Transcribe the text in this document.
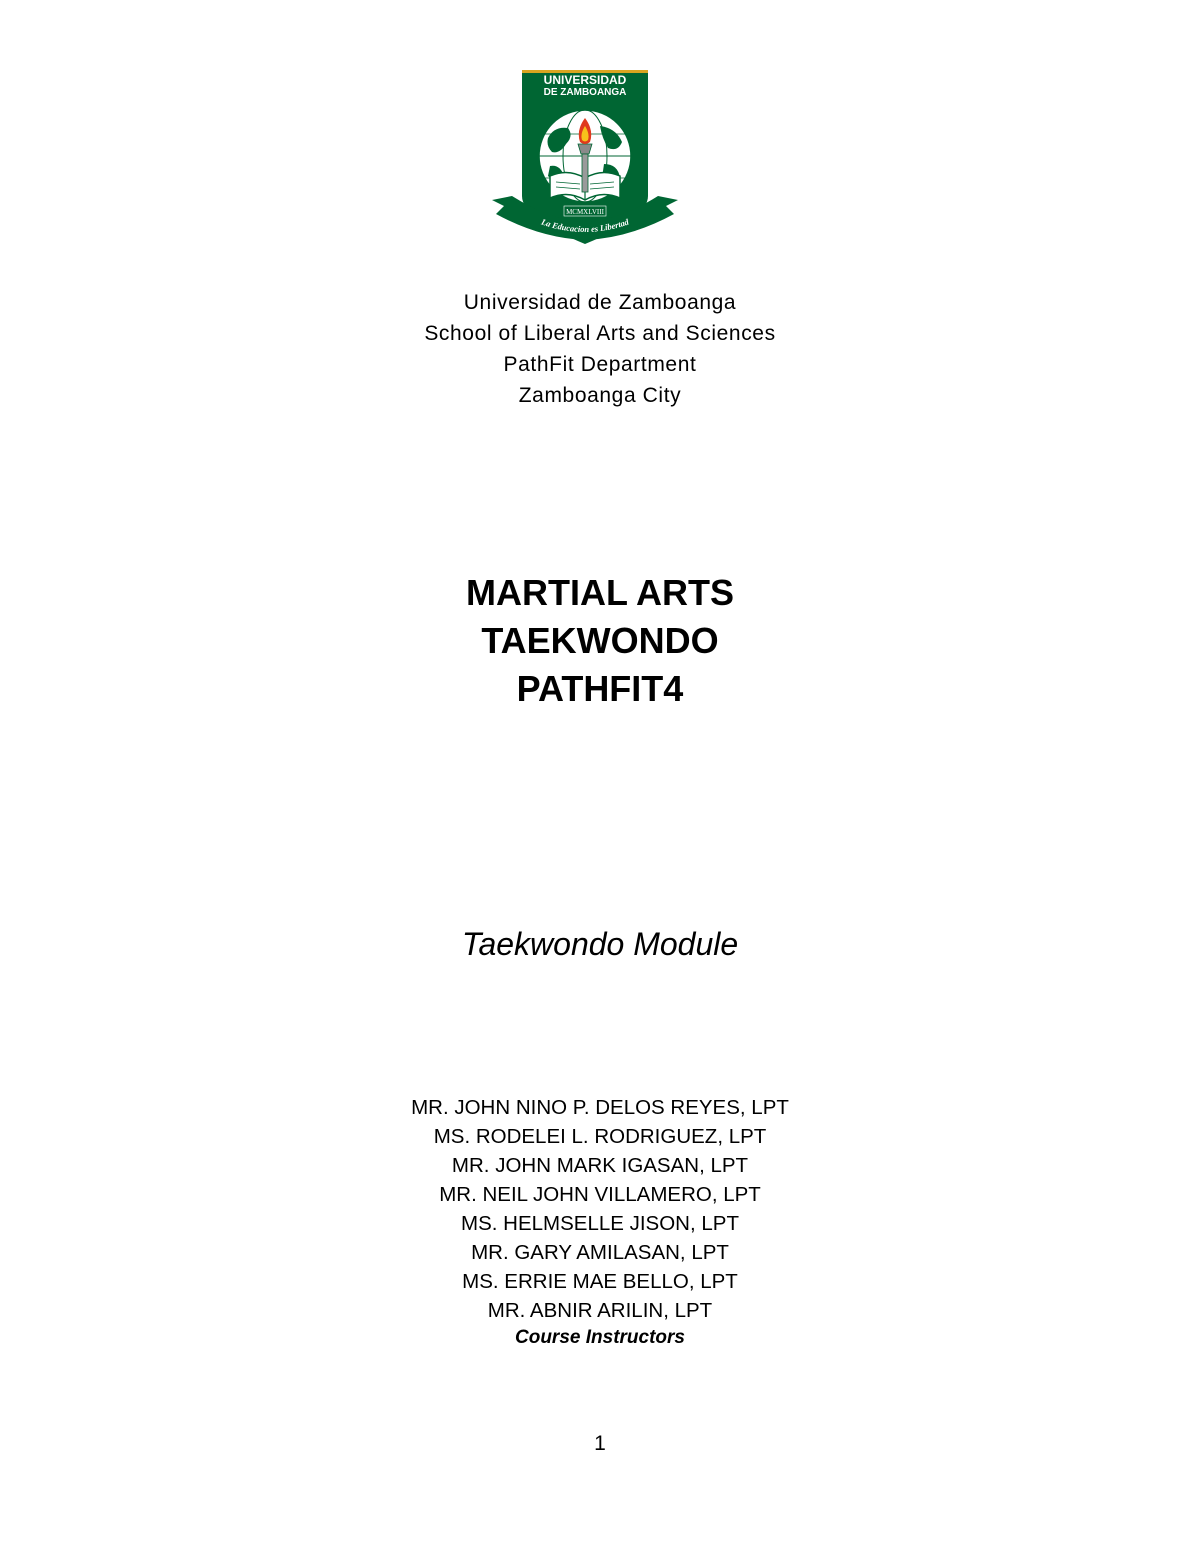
UNIVERSIDAD
DE ZAMBOANGA
La Educacion es Libertad
MCMXLVIII
Universidad de Zamboanga
School of Liberal Arts and Sciences
PathFit Department
Zamboanga City
MARTIAL ARTS
TAEKWONDO
PATHFIT4
Taekwondo Module
MR. JOHN NINO P. DELOS REYES, LPT
MS. RODELEI L. RODRIGUEZ, LPT
MR. JOHN MARK IGASAN, LPT
MR. NEIL JOHN VILLAMERO, LPT
MS. HELMSELLE JISON, LPT
MR. GARY AMILASAN, LPT
MS. ERRIE MAE BELLO, LPT
MR. ABNIR ARILIN, LPT
Course Instructors
1
